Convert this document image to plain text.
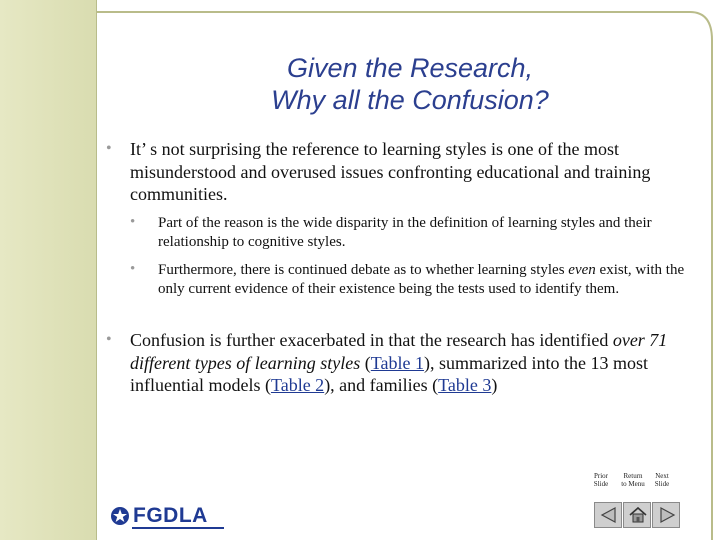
Given the Research,
Why all the Confusion?
• It’ s not surprising the reference to learning styles is one of the most misunderstood and overused issues confronting educational and training communities.
• Part of the reason is the wide disparity in the definition of learning styles and their relationship to cognitive styles.
• Furthermore, there is continued debate as to whether learning styles even exist, with the only current evidence of their existence being the tests used to identify them.
• Confusion is further exacerbated in that the research has identified over 71 different types of learning styles (Table 1), summarized into the 13 most influential models (Table 2), and families (Table 3)
Prior
Slide
Return
to Menu
Next
Slide
FGDLA
